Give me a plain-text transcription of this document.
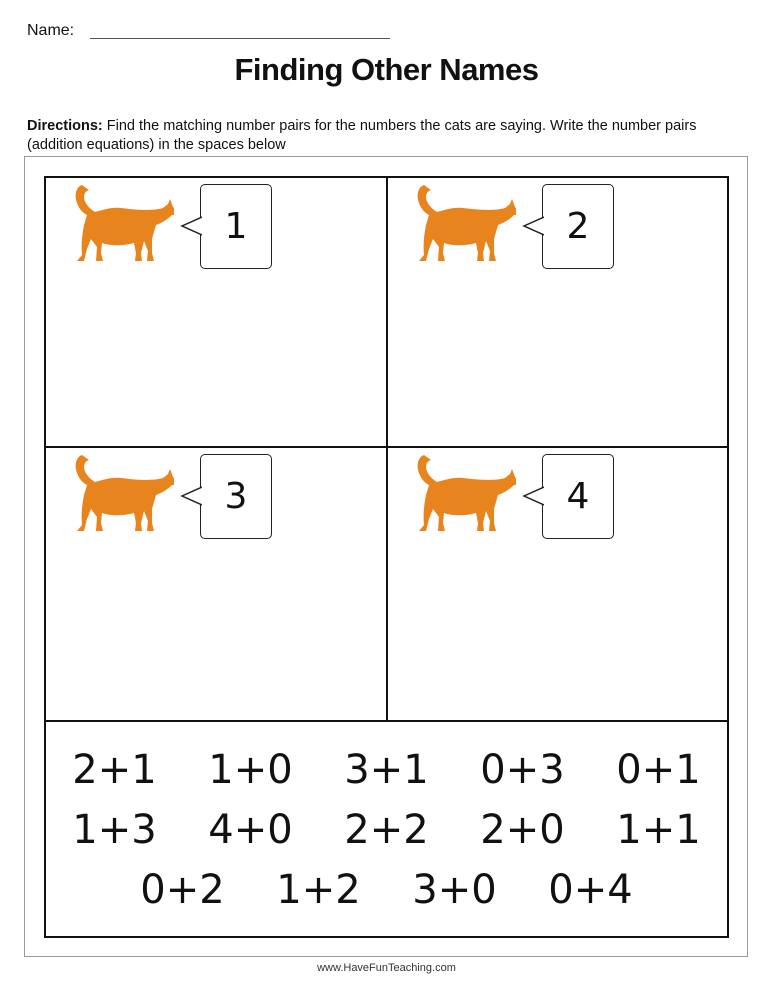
Name:
Finding Other Names
Directions: Find the matching number pairs for the numbers the cats are saying. Write the number pairs (addition equations) in the spaces below
1	2
3	4
2+1	1+0	3+1	0+3	0+1
1+3	4+0	2+2	2+0	1+1
0+2	1+2	3+0	0+4
www.HaveFunTeaching.com
